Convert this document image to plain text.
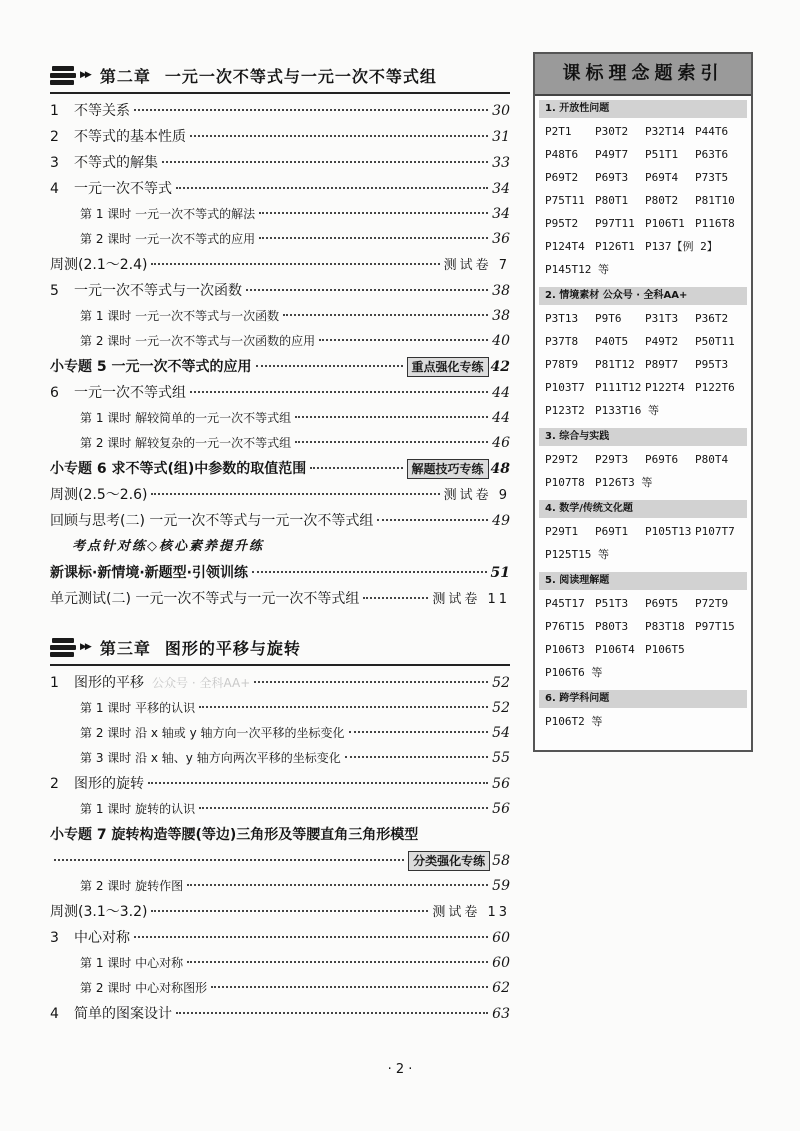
▶▶ 第二章 一元一次不等式与一元一次不等式组
1	不等关系	30
2	不等式的基本性质	31
3	不等式的解集	33
4	一元一次不等式	34
第 1 课时 一元一次不等式的解法	34
第 2 课时 一元一次不等式的应用	36
周测(2.1～2.4)	测试卷 7
5	一元一次不等式与一次函数	38
第 1 课时 一元一次不等式与一次函数	38
第 2 课时 一元一次不等式与一次函数的应用	40
小专题 5 一元一次不等式的应用	重点强化专练 42
6	一元一次不等式组	44
第 1 课时 解较简单的一元一次不等式组	44
第 2 课时 解较复杂的一元一次不等式组	46
小专题 6 求不等式(组)中参数的取值范围	解题技巧专练 48
周测(2.5～2.6)	测试卷 9
回顾与思考(二) 一元一次不等式与一元一次不等式组	49
考点针对练◇核心素养提升练
新课标·新情境·新题型·引领训练	51
单元测试(二) 一元一次不等式与一元一次不等式组	测试卷 11
▶▶ 第三章 图形的平移与旋转
1	图形的平移 公众号 · 全科AA+	52
第 1 课时 平移的认识	52
第 2 课时 沿 x 轴或 y 轴方向一次平移的坐标变化	54
第 3 课时 沿 x 轴、y 轴方向两次平移的坐标变化	55
2	图形的旋转	56
第 1 课时 旋转的认识	56
小专题 7 旋转构造等腰(等边)三角形及等腰直角三角形模型
分类强化专练 58
第 2 课时 旋转作图	59
周测(3.1～3.2)	测试卷 13
3	中心对称	60
第 1 课时 中心对称	60
第 2 课时 中心对称图形	62
4	简单的图案设计	63
课标理念题索引
1. 开放性问题
P2T1	P30T2	P32T14 P44T6
P48T6	P49T7	P51T1	P63T6
P69T2	P69T3	P69T4	P73T5
P75T11 P80T1	P80T2	P81T10
P95T2	P97T11 P106T1 P116T8
P124T4 P126T1 P137【例 2】
P145T12 等
2. 情境素材 公众号 · 全科AA+
P3T13	P9T6	P31T3	P36T2
P37T8	P40T5	P49T2	P50T11
P78T9	P81T12 P89T7	P95T3
P103T7 P111T12 P122T4 P122T6
P123T2 P133T16 等
3. 综合与实践
P29T2	P29T3	P69T6	P80T4
P107T8 P126T3 等
4. 数学/传统文化题
P29T1	P69T1	P105T13 P107T7
P125T15 等
5. 阅读理解题
P45T17 P51T3	P69T5	P72T9
P76T15 P80T3	P83T18 P97T15
P106T3 P106T4 P106T5
P106T6 等
6. 跨学科问题
P106T2 等
· 2 ·
